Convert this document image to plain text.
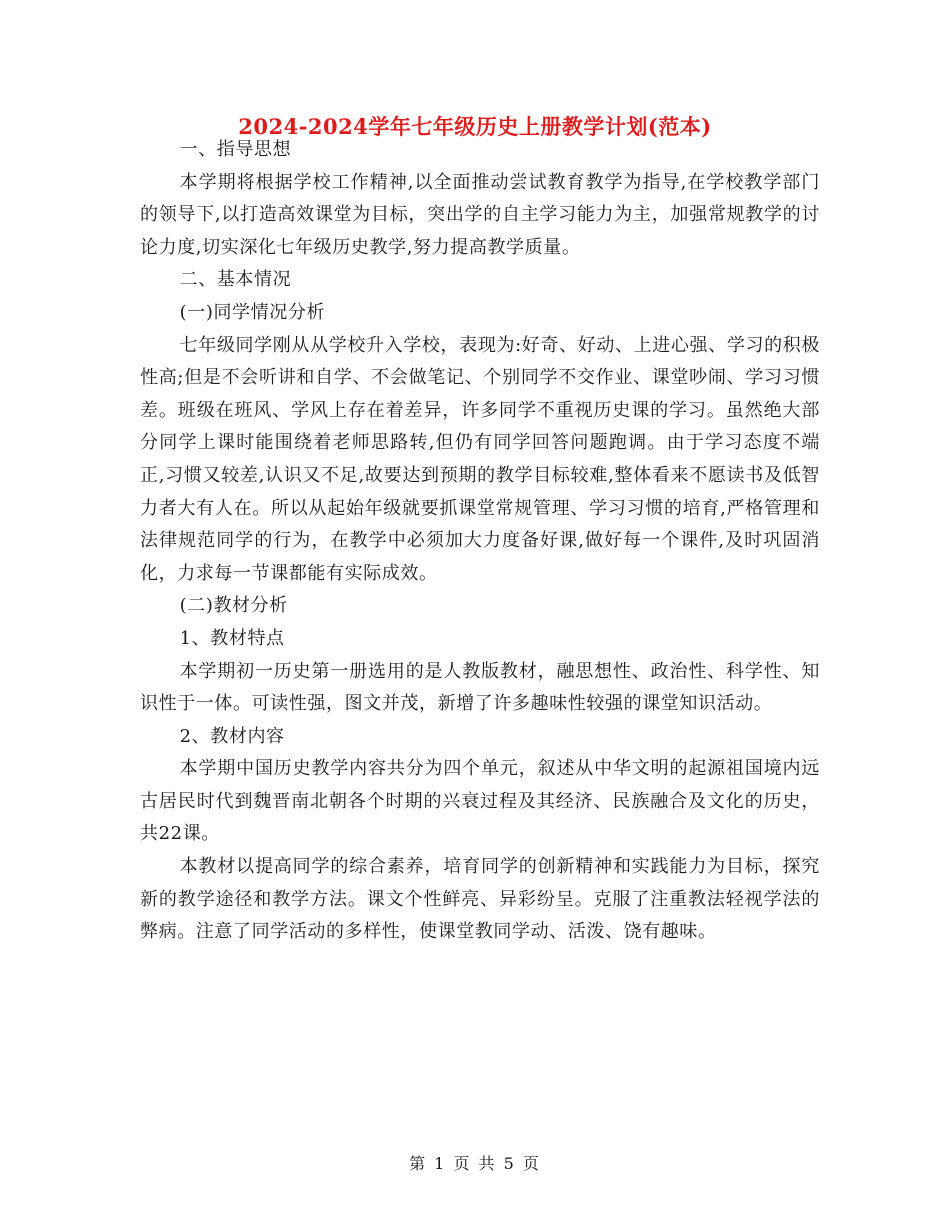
2024-2024学年七年级历史上册教学计划(范本)

一、指导思想

本学期将根据学校工作精神,以全面推动尝试教育教学为指导,在学校教学部门的领导下,以打造高效课堂为目标，突出学的自主学习能力为主，加强常规教学的讨论力度,切实深化七年级历史教学,努力提高教学质量。

二、基本情况

(一)同学情况分析

七年级同学刚从从学校升入学校，表现为:好奇、好动、上进心强、学习的积极性高;但是不会听讲和自学、不会做笔记、个别同学不交作业、课堂吵闹、学习习惯差。班级在班风、学风上存在着差异，许多同学不重视历史课的学习。虽然绝大部分同学上课时能围绕着老师思路转,但仍有同学回答问题跑调。由于学习态度不端正,习惯又较差,认识又不足,故要达到预期的教学目标较难,整体看来不愿读书及低智力者大有人在。所以从起始年级就要抓课堂常规管理、学习习惯的培育,严格管理和法律规范同学的行为，在教学中必须加大力度备好课,做好每一个课件,及时巩固消化，力求每一节课都能有实际成效。

(二)教材分析

1、教材特点

本学期初一历史第一册选用的是人教版教材，融思想性、政治性、科学性、知识性于一体。可读性强，图文并茂，新增了许多趣味性较强的课堂知识活动。

2、教材内容

本学期中国历史教学内容共分为四个单元，叙述从中华文明的起源祖国境内远古居民时代到魏晋南北朝各个时期的兴衰过程及其经济、民族融合及文化的历史，共22课。

本教材以提高同学的综合素养，培育同学的创新精神和实践能力为目标，探究新的教学途径和教学方法。课文个性鲜亮、异彩纷呈。克服了注重教法轻视学法的弊病。注意了同学活动的多样性，使课堂教同学动、活泼、饶有趣味。

第 1 页 共 5 页
